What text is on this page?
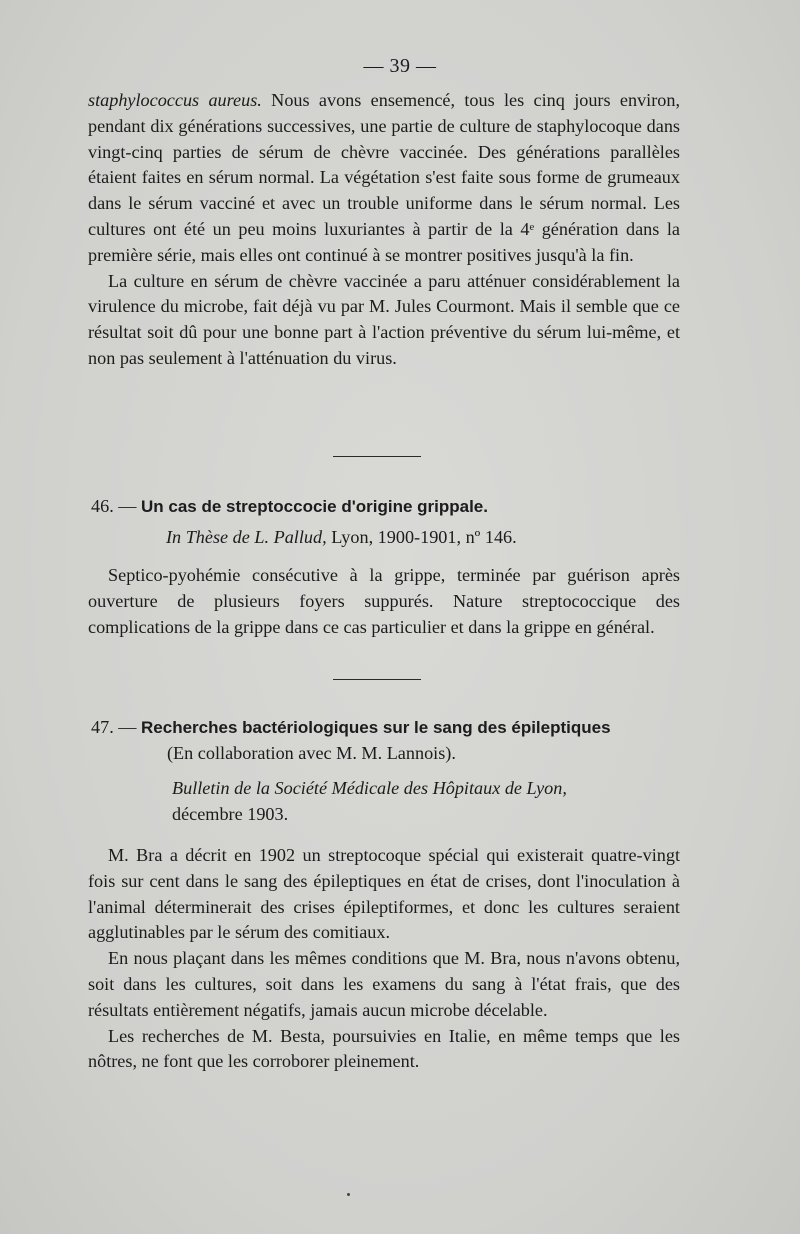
— 39 —

staphylococcus aureus. Nous avons ensemencé, tous les cinq jours environ, pendant dix générations successives, une partie de culture de staphylocoque dans vingt-cinq parties de sérum de chèvre vaccinée. Des générations parallèles étaient faites en sérum normal. La végétation s'est faite sous forme de grumeaux dans le sérum vacciné et avec un trouble uniforme dans le sérum normal. Les cultures ont été un peu moins luxuriantes à partir de la 4ᵉ génération dans la première série, mais elles ont continué à se montrer positives jusqu'à la fin.

La culture en sérum de chèvre vaccinée a paru atténuer considérablement la virulence du microbe, fait déjà vu par M. Jules Courmont. Mais il semble que ce résultat soit dû pour une bonne part à l'action préventive du sérum lui-même, et non pas seulement à l'atténuation du virus.

46. — Un cas de streptoccocie d'origine grippale.
In Thèse de L. Pallud, Lyon, 1900-1901, nº 146.

Septico-pyohémie consécutive à la grippe, terminée par guérison après ouverture de plusieurs foyers suppurés. Nature streptococcique des complications de la grippe dans ce cas particulier et dans la grippe en général.

47. — Recherches bactériologiques sur le sang des épileptiques
(En collaboration avec M. M. Lannois).
Bulletin de la Société Médicale des Hôpitaux de Lyon,
décembre 1903.

M. Bra a décrit en 1902 un streptocoque spécial qui existerait quatre-vingt fois sur cent dans le sang des épileptiques en état de crises, dont l'inoculation à l'animal déterminerait des crises épileptiformes, et donc les cultures seraient agglutinables par le sérum des comitiaux.

En nous plaçant dans les mêmes conditions que M. Bra, nous n'avons obtenu, soit dans les cultures, soit dans les examens du sang à l'état frais, que des résultats entièrement négatifs, jamais aucun microbe décelable.

Les recherches de M. Besta, poursuivies en Italie, en même temps que les nôtres, ne font que les corroborer pleinement.
